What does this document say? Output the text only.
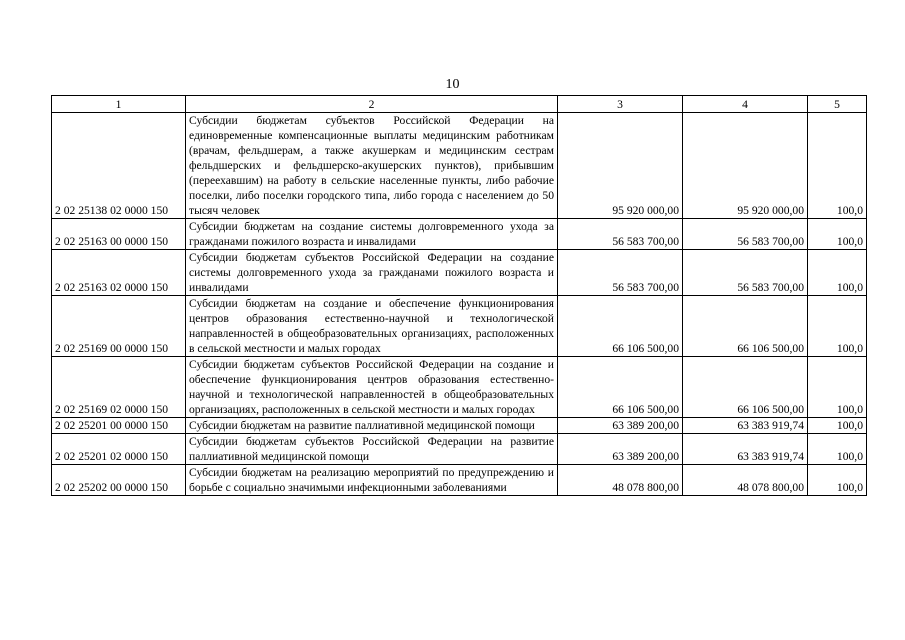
10
1	2	3	4	5
2 02 25138 02 0000 150	Субсидии бюджетам субъектов Российской Федерации на единовременные компенсационные выплаты медицинским работникам (врачам, фельдшерам, а также акушеркам и медицинским сестрам фельдшерских и фельдшерско-акушерских пунктов), прибывшим (переехавшим) на работу в сельские населенные пункты, либо рабочие поселки, либо поселки городского типа, либо города с населением до 50 тысяч человек	95 920 000,00	95 920 000,00	100,0
2 02 25163 00 0000 150	Субсидии бюджетам на создание системы долговременного ухода за гражданами пожилого возраста и инвалидами	56 583 700,00	56 583 700,00	100,0
2 02 25163 02 0000 150	Субсидии бюджетам субъектов Российской Федерации на создание системы долговременного ухода за гражданами пожилого возраста и инвалидами	56 583 700,00	56 583 700,00	100,0
2 02 25169 00 0000 150	Субсидии бюджетам на создание и обеспечение функционирования центров образования естественно-научной и технологической направленностей в общеобразовательных организациях, расположенных в сельской местности и малых городах	66 106 500,00	66 106 500,00	100,0
2 02 25169 02 0000 150	Субсидии бюджетам субъектов Российской Федерации на создание и обеспечение функционирования центров образования естественно-научной и технологической направленностей в общеобразовательных организациях, расположенных в сельской местности и малых городах	66 106 500,00	66 106 500,00	100,0
2 02 25201 00 0000 150	Субсидии бюджетам на развитие паллиативной медицинской помощи	63 389 200,00	63 383 919,74	100,0
2 02 25201 02 0000 150	Субсидии бюджетам субъектов Российской Федерации на развитие паллиативной медицинской помощи	63 389 200,00	63 383 919,74	100,0
2 02 25202 00 0000 150	Субсидии бюджетам на реализацию мероприятий по предупреждению и борьбе с социально значимыми инфекционными заболеваниями	48 078 800,00	48 078 800,00	100,0
